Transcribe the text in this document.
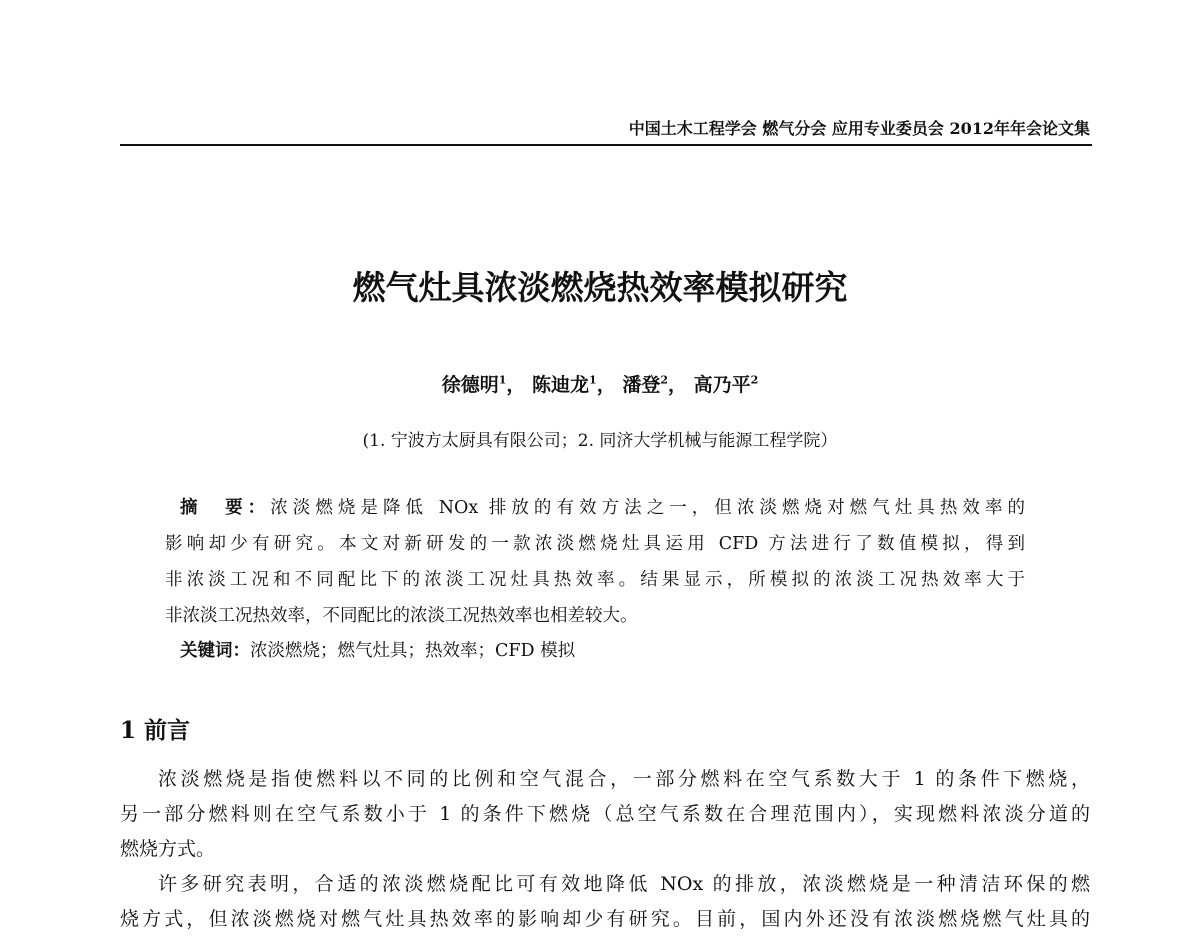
中国土木工程学会 燃气分会 应用专业委员会 2012年年会论文集
燃气灶具浓淡燃烧热效率模拟研究
徐德明$^1$， 陈迪龙$^1$， 潘登$^2$， 高乃平$^2$
(1. 宁波方太厨具有限公司；2. 同济大学机械与能源工程学院）
摘　要：浓淡燃烧是降低 NOx 排放的有效方法之一，但浓淡燃烧对燃气灶具热效率的
影响却少有研究。本文对新研发的一款浓淡燃烧灶具运用 CFD 方法进行了数值模拟，得到
非浓淡工况和不同配比下的浓淡工况灶具热效率。结果显示，所模拟的浓淡工况热效率大于
非浓淡工况热效率，不同配比的浓淡工况热效率也相差较大。
关键词：浓淡燃烧；燃气灶具；热效率；CFD 模拟
1 前言
浓淡燃烧是指使燃料以不同的比例和空气混合，一部分燃料在空气系数大于 1 的条件下燃烧，
另一部分燃料则在空气系数小于 1 的条件下燃烧（总空气系数在合理范围内），实现燃料浓淡分道的
燃烧方式。
许多研究表明，合适的浓淡燃烧配比可有效地降低 NOx 的排放，浓淡燃烧是一种清洁环保的燃
烧方式，但浓淡燃烧对燃气灶具热效率的影响却少有研究。目前，国内外还没有浓淡燃烧燃气灶具的
